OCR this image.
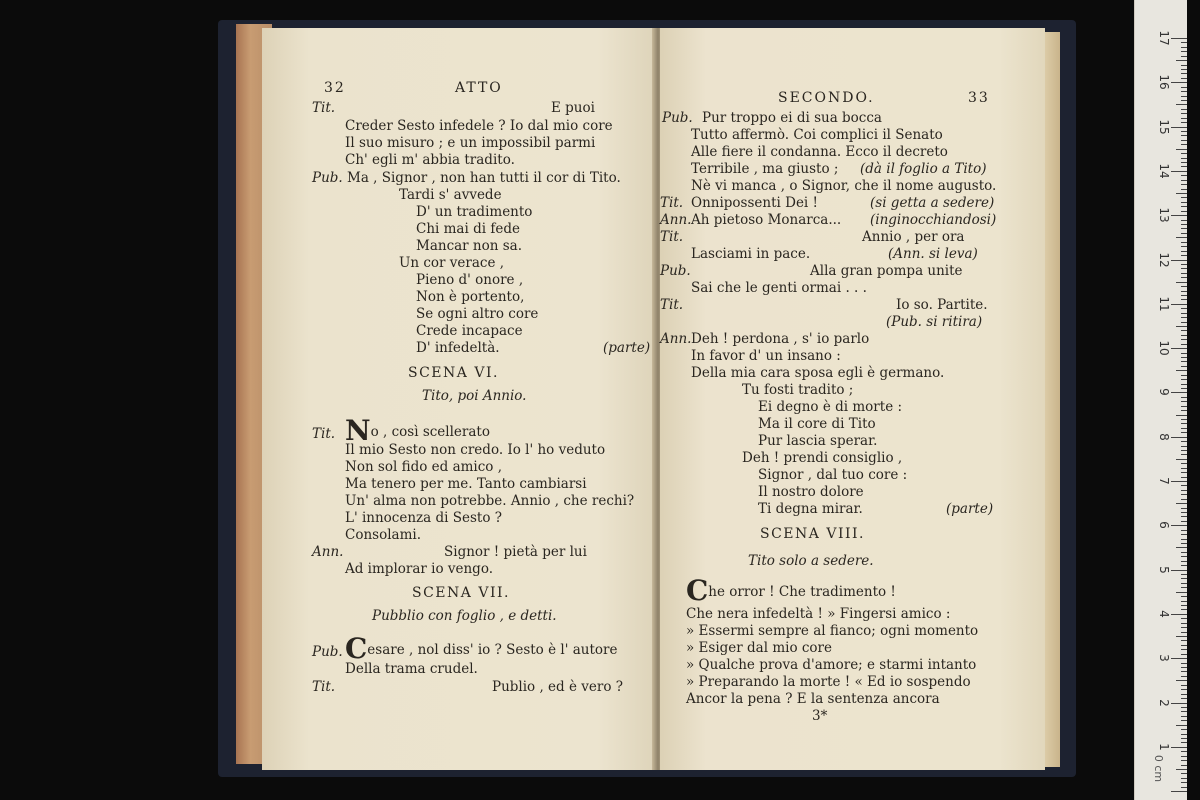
32	ATTO
Tit.	E puoi
Creder Sesto infedele ? Io dal mio core
Il suo misuro ; e un impossibil parmi
Ch' egli m' abbia tradito.
Pub. Ma , Signor , non han tutti il cor di Tito.
Tardi s' avvede
D' un tradimento
Chi mai di fede
Mancar non sa.
Un cor verace ,
Pieno d' onore ,
Non è portento,
Se ogni altro core
Crede incapace
D' infedeltà.	(parte)
SCENA VI.
Tito, poi Annio.
Tit. No , così scellerato
Il mio Sesto non credo. Io l' ho veduto
Non sol fido ed amico ,
Ma tenero per me. Tanto cambiarsi
Un' alma non potrebbe. Annio , che rechi?
L' innocenza di Sesto ?
Consolami.
Ann.	Signor ! pietà per lui
Ad implorar io vengo.
SCENA VII.
Pubblio con foglio , e detti.
Pub. Cesare , nol diss' io ? Sesto è l' autore
Della trama crudel.
Tit.	Publio , ed è vero ?
SECONDO.	33
Pub. Pur troppo ei di sua bocca
Tutto affermò. Coi complici il Senato
Alle fiere il condanna. Ecco il decreto
Terribile , ma giusto ; (dà il foglio a Tito)
Nè vi manca , o Signor, che il nome augusto.
Tit. Onnipossenti Dei !	(si getta a sedere)
Ann. Ah pietoso Monarca... (inginocchiandosi)
Tit.	Annio , per ora
Lasciami in pace.	(Ann. si leva)
Pub.	Alla gran pompa unite
Sai che le genti ormai . . .
Tit.	Io so. Partite.
(Pub. si ritira)
Ann. Deh ! perdona , s' io parlo
In favor d' un insano :
Della mia cara sposa egli è germano.
Tu fosti tradito ;
Ei degno è di morte :
Ma il core di Tito
Pur lascia sperar.
Deh ! prendi consiglio ,
Signor , dal tuo core :
Il nostro dolore
Ti degna mirar.	(parte)
SCENA VIII.
Tito solo a sedere.
Che orror ! Che tradimento !
Che nera infedeltà ! » Fingersi amico :
» Essermi sempre al fianco; ogni momento
» Esiger dal mio core
» Qualche prova d'amore; e starmi intanto
» Preparando la morte ! « Ed io sospendo
Ancor la pena ? E la sentenza ancora
3*
17
16
15
14
13
12
11
10
9
8
7
6
5
4
3
2
1
0 cm
